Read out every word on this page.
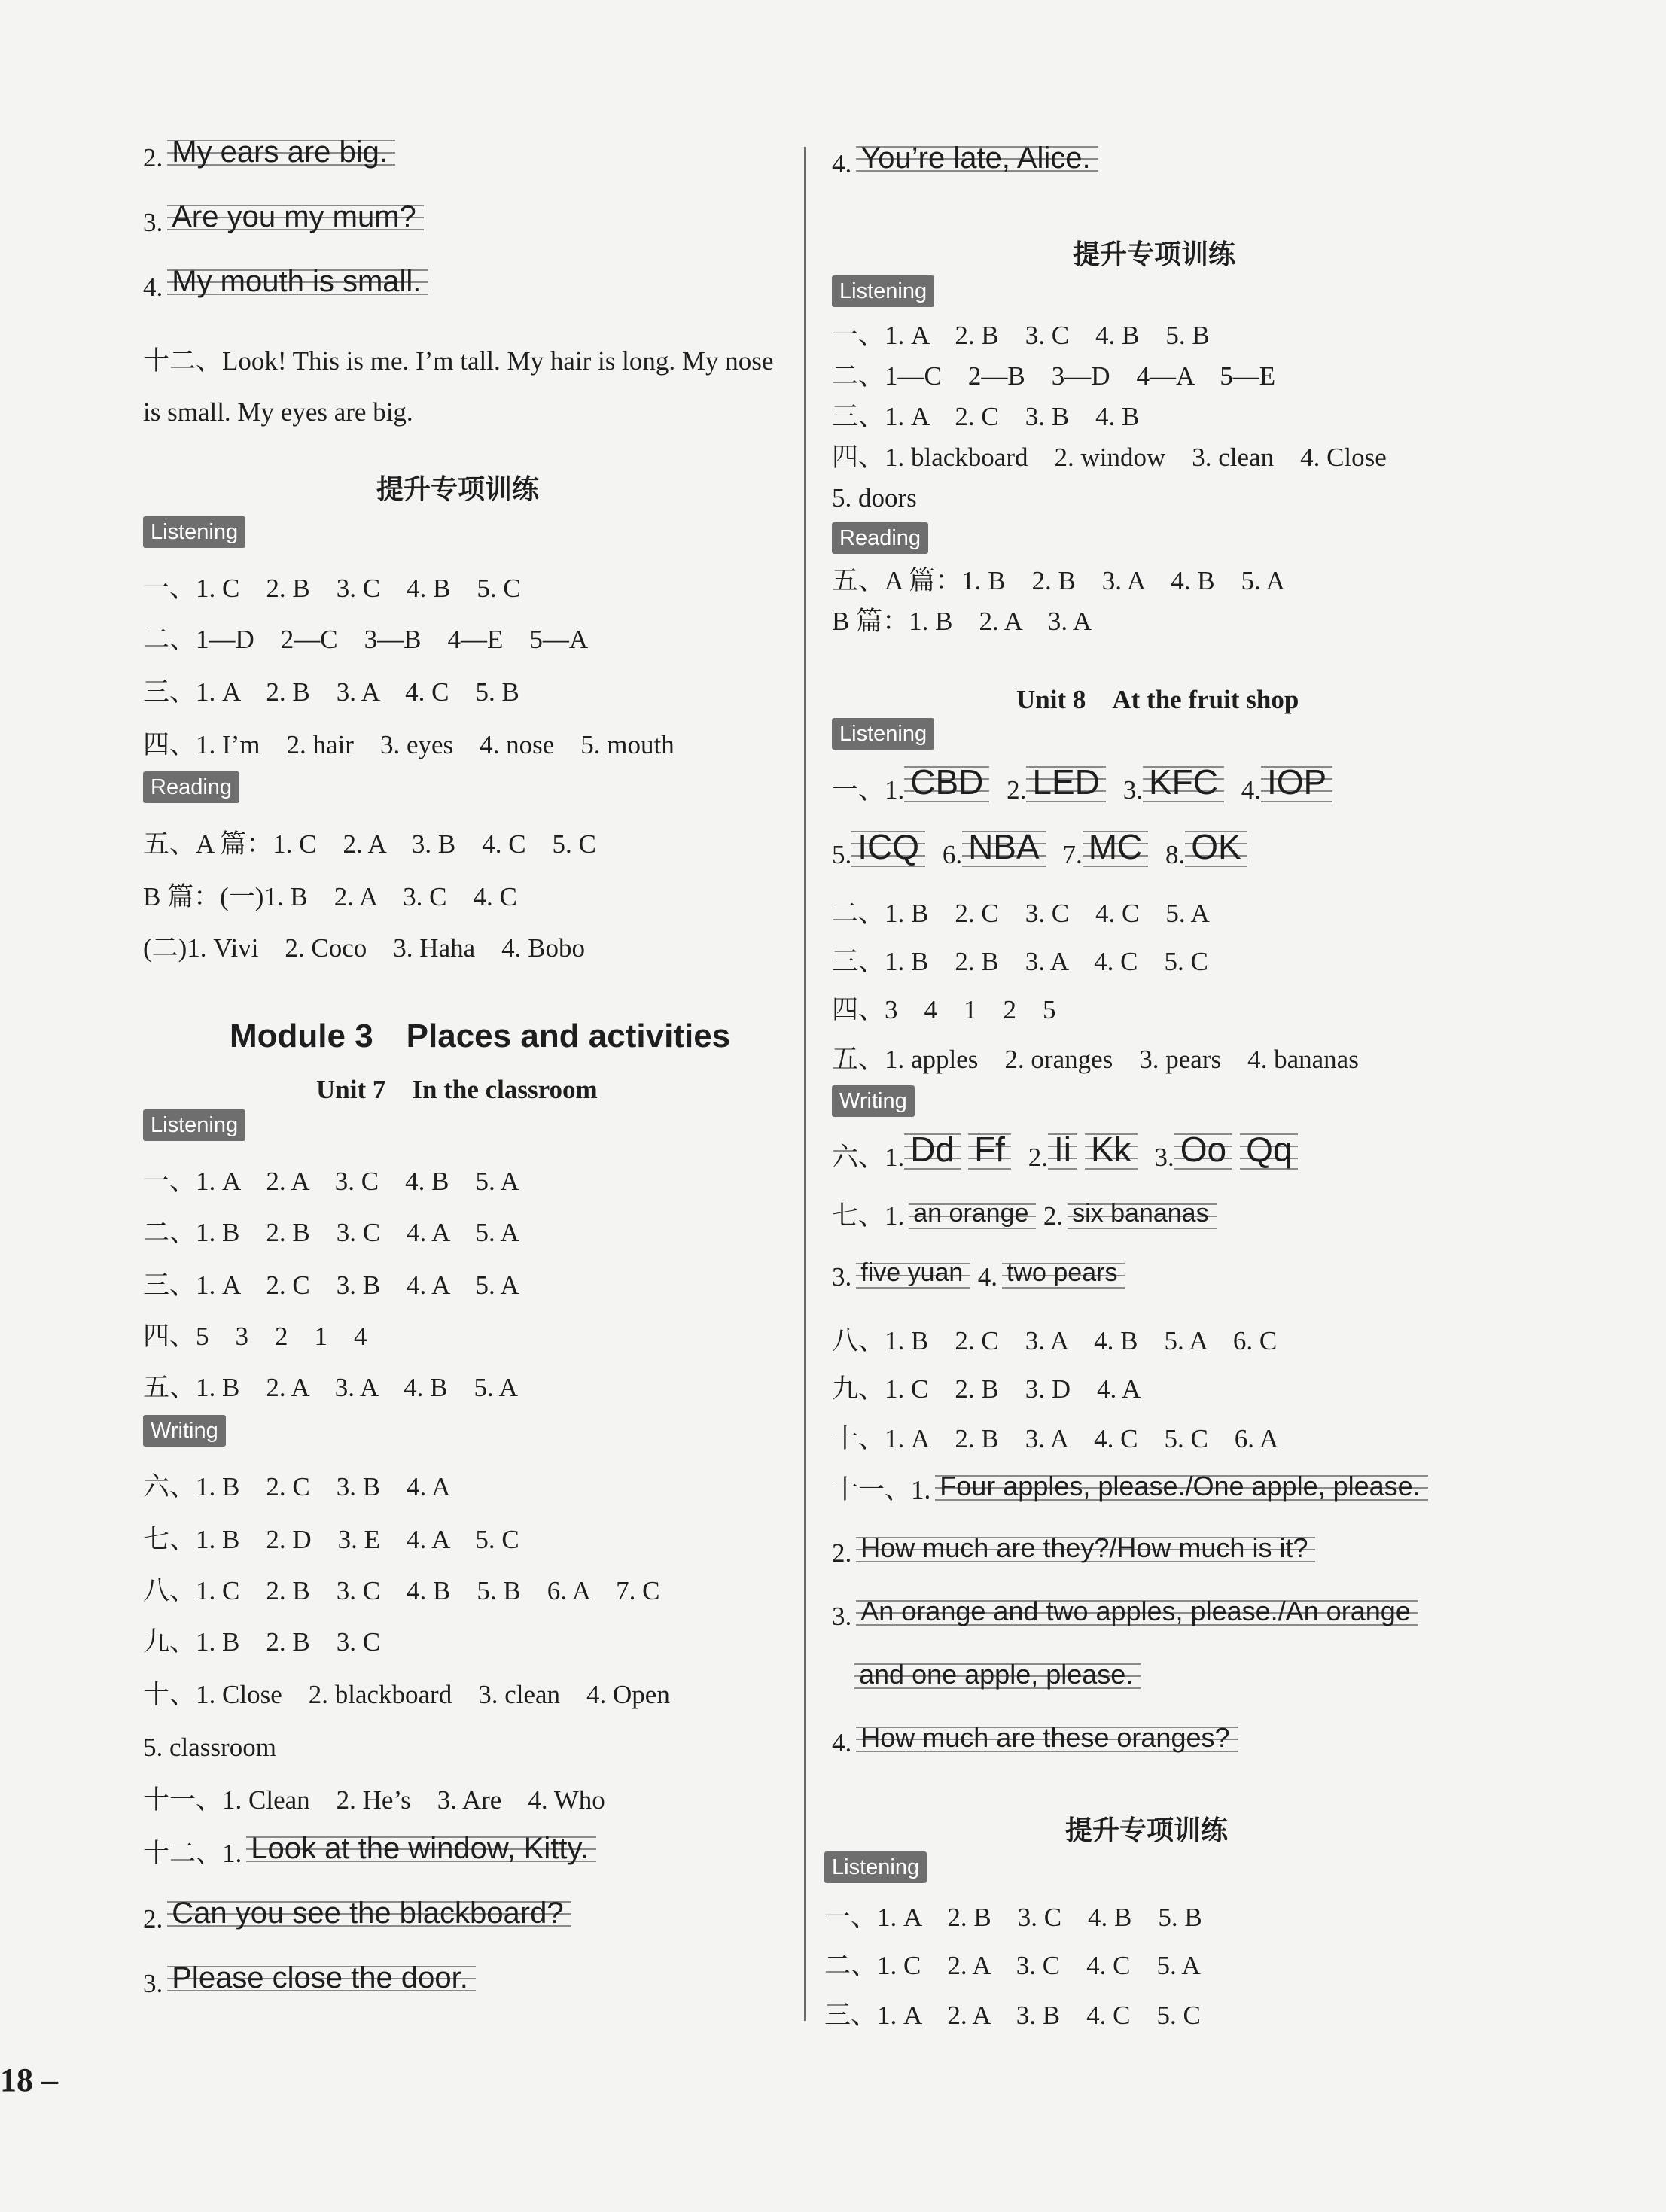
2. My ears are big.
3. Are you my mum?
4. My mouth is small.
十二、Look! This is me. I’m tall. My hair is long. My nose
is small. My eyes are big.
提升专项训练
Listening
一、1. C　2. B　3. C　4. B　5. C
二、1—D　2—C　3—B　4—E　5—A
三、1. A　2. B　3. A　4. C　5. B
四、1. I’m　2. hair　3. eyes　4. nose　5. mouth
Reading
五、A 篇：1. C　2. A　3. B　4. C　5. C
B 篇：(一)1. B　2. A　3. C　4. C
(二)1. Vivi　2. Coco　3. Haha　4. Bobo
Module 3　Places and activities
Unit 7　In the classroom
Listening
一、1. A　2. A　3. C　4. B　5. A
二、1. B　2. B　3. C　4. A　5. A
三、1. A　2. C　3. B　4. A　5. A
四、5　3　2　1　4
五、1. B　2. A　3. A　4. B　5. A
Writing
六、1. B　2. C　3. B　4. A
七、1. B　2. D　3. E　4. A　5. C
八、1. C　2. B　3. C　4. B　5. B　6. A　7. C
九、1. B　2. B　3. C
十、1. Close　2. blackboard　3. clean　4. Open
5. classroom
十一、1. Clean　2. He’s　3. Are　4. Who
十二、1. Look at the window, Kitty.
2. Can you see the blackboard?
3. Please close the door.
18 –
4. You’re late, Alice.
提升专项训练
Listening
一、1. A　2. B　3. C　4. B　5. B
二、1—C　2—B　3—D　4—A　5—E
三、1. A　2. C　3. B　4. B
四、1. blackboard　2. window　3. clean　4. Close
5. doors
Reading
五、A 篇：1. B　2. B　3. A　4. B　5. A
B 篇：1. B　2. A　3. A
Unit 8　At the fruit shop
Listening
一、1. CBD 2. LED 3. KFC 4. IOP
5. ICQ 6. NBA 7. MC 8. OK
二、1. B　2. C　3. C　4. C　5. A
三、1. B　2. B　3. A　4. C　5. C
四、3　4　1　2　5
五、1. apples　2. oranges　3. pears　4. bananas
Writing
六、1. Dd Ff 2. Ii Kk 3. Oo Qq
七、1. an orange 2. six bananas
3. five yuan 4. two pears
八、1. B　2. C　3. A　4. B　5. A　6. C
九、1. C　2. B　3. D　4. A
十、1. A　2. B　3. A　4. C　5. C　6. A
十一、1. Four apples, please./One apple, please.
2. How much are they?/How much is it?
3. An orange and two apples, please./An orange
and one apple, please.
4. How much are these oranges?
提升专项训练
Listening
一、1. A　2. B　3. C　4. B　5. B
二、1. C　2. A　3. C　4. C　5. A
三、1. A　2. A　3. B　4. C　5. C
